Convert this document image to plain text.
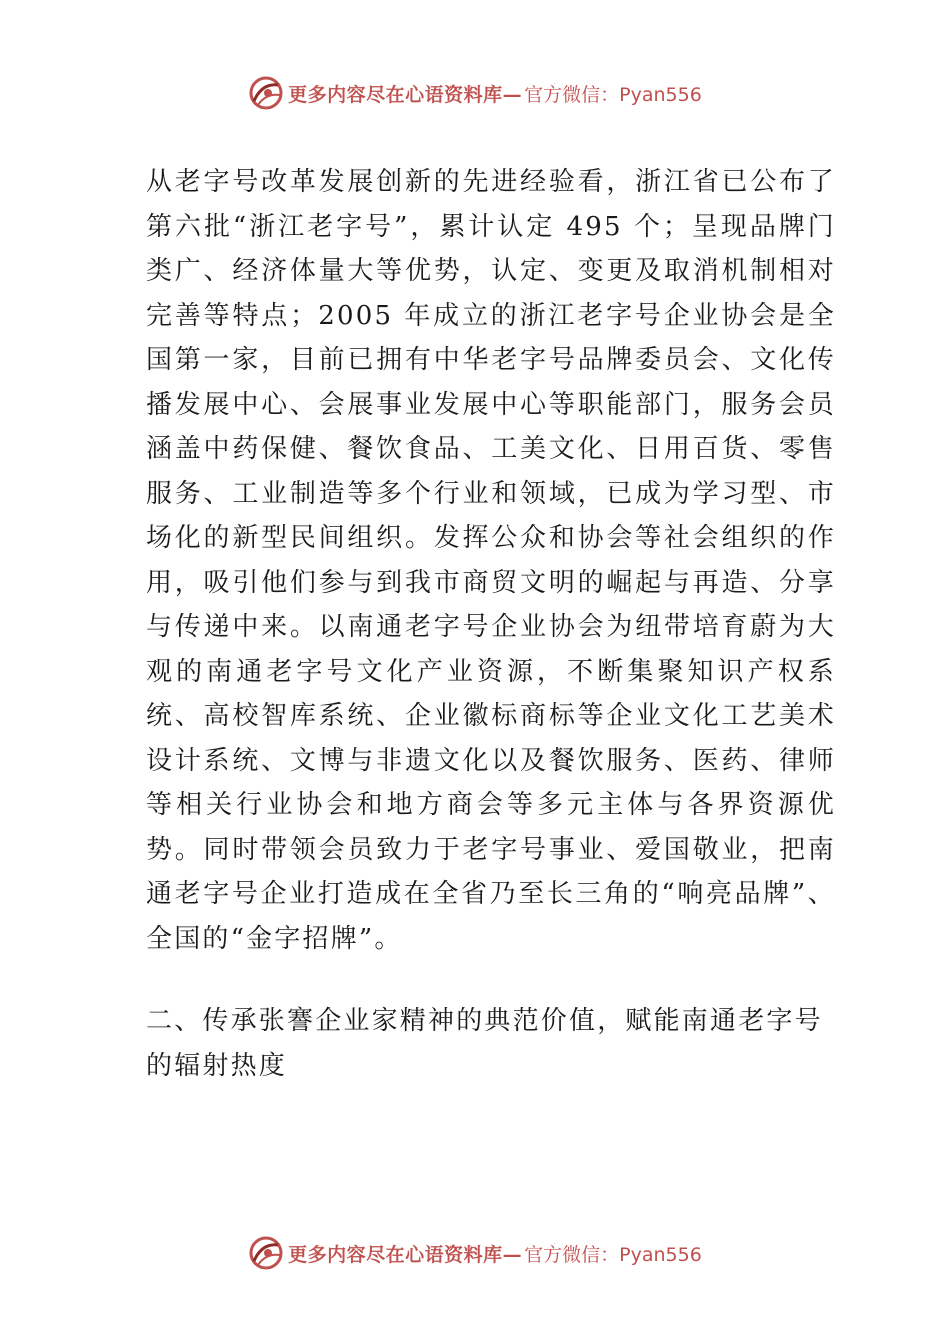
更多内容尽在心语资料库— 官方微信：Pyan556

从老字号改革发展创新的先进经验看，浙江省已公布了第六批“浙江老字号”，累计认定 495 个；呈现品牌门类广、经济体量大等优势，认定、变更及取消机制相对完善等特点；2005 年成立的浙江老字号企业协会是全国第一家，目前已拥有中华老字号品牌委员会、文化传播发展中心、会展事业发展中心等职能部门，服务会员涵盖中药保健、餐饮食品、工美文化、日用百货、零售服务、工业制造等多个行业和领域，已成为学习型、市场化的新型民间组织。发挥公众和协会等社会组织的作用，吸引他们参与到我市商贸文明的崛起与再造、分享与传递中来。以南通老字号企业协会为纽带培育蔚为大观的南通老字号文化产业资源，不断集聚知识产权系统、高校智库系统、企业徽标商标等企业文化工艺美术设计系统、文博与非遗文化以及餐饮服务、医药、律师等相关行业协会和地方商会等多元主体与各界资源优势。同时带领会员致力于老字号事业、爱国敬业，把南通老字号企业打造成在全省乃至长三角的“响亮品牌”、全国的“金字招牌”。

二、传承张謇企业家精神的典范价值，赋能南通老字号的辐射热度

更多内容尽在心语资料库— 官方微信：Pyan556
